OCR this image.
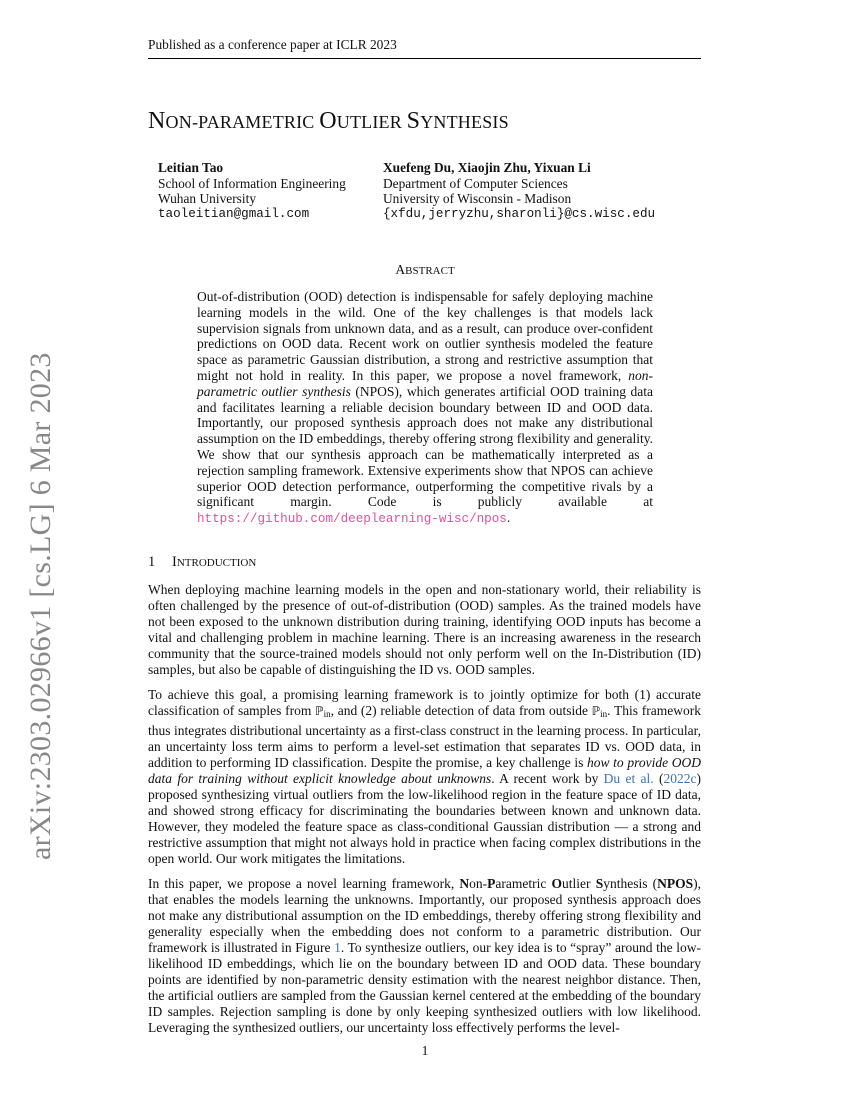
Published as a conference paper at ICLR 2023
NON-PARAMETRIC OUTLIER SYNTHESIS
Leitian Tao
School of Information Engineering
Wuhan University
taoleitian@gmail.com
Xuefeng Du, Xiaojin Zhu, Yixuan Li
Department of Computer Sciences
University of Wisconsin - Madison
{xfdu,jerryzhu,sharonli}@cs.wisc.edu
ABSTRACT
Out-of-distribution (OOD) detection is indispensable for safely deploying machine learning models in the wild. One of the key challenges is that models lack supervision signals from unknown data, and as a result, can produce over-confident predictions on OOD data. Recent work on outlier synthesis modeled the feature space as parametric Gaussian distribution, a strong and restrictive assumption that might not hold in reality. In this paper, we propose a novel framework, non-parametric outlier synthesis (NPOS), which generates artificial OOD training data and facilitates learning a reliable decision boundary between ID and OOD data. Importantly, our proposed synthesis approach does not make any distributional assumption on the ID embeddings, thereby offering strong flexibility and generality. We show that our synthesis approach can be mathematically interpreted as a rejection sampling framework. Extensive experiments show that NPOS can achieve superior OOD detection performance, outperforming the competitive rivals by a significant margin. Code is publicly available at https://github.com/deeplearning-wisc/npos.
1 INTRODUCTION

When deploying machine learning models in the open and non-stationary world, their reliability is often challenged by the presence of out-of-distribution (OOD) samples. As the trained models have not been exposed to the unknown distribution during training, identifying OOD inputs has become a vital and challenging problem in machine learning. There is an increasing awareness in the research community that the source-trained models should not only perform well on the In-Distribution (ID) samples, but also be capable of distinguishing the ID vs. OOD samples.

To achieve this goal, a promising learning framework is to jointly optimize for both (1) accurate classification of samples from ℙ$_{in}$, and (2) reliable detection of data from outside ℙ$_{in}$. This framework thus integrates distributional uncertainty as a first-class construct in the learning process. In particular, an uncertainty loss term aims to perform a level-set estimation that separates ID vs. OOD data, in addition to performing ID classification. Despite the promise, a key challenge is how to provide OOD data for training without explicit knowledge about unknowns. A recent work by Du et al. (2022c) proposed synthesizing virtual outliers from the low-likelihood region in the feature space of ID data, and showed strong efficacy for discriminating the boundaries between known and unknown data. However, they modeled the feature space as class-conditional Gaussian distribution — a strong and restrictive assumption that might not always hold in practice when facing complex distributions in the open world. Our work mitigates the limitations.

In this paper, we propose a novel learning framework, Non-Parametric Outlier Synthesis (NPOS), that enables the models learning the unknowns. Importantly, our proposed synthesis approach does not make any distributional assumption on the ID embeddings, thereby offering strong flexibility and generality especially when the embedding does not conform to a parametric distribution. Our framework is illustrated in Figure 1. To synthesize outliers, our key idea is to “spray” around the low-likelihood ID embeddings, which lie on the boundary between ID and OOD data. These boundary points are identified by non-parametric density estimation with the nearest neighbor distance. Then, the artificial outliers are sampled from the Gaussian kernel centered at the embedding of the boundary ID samples. Rejection sampling is done by only keeping synthesized outliers with low likelihood. Leveraging the synthesized outliers, our uncertainty loss effectively performs the level-

1
arXiv:2303.02966v1 [cs.LG] 6 Mar 2023
